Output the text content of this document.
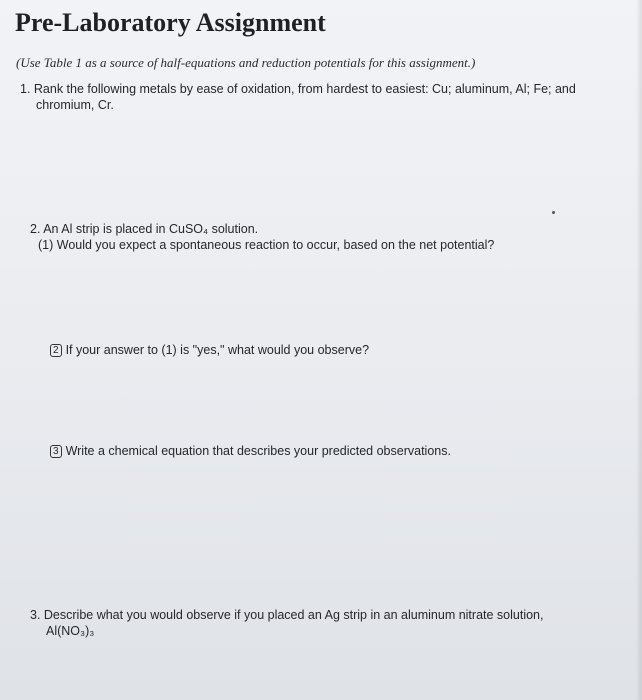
Pre-Laboratory Assignment
(Use Table 1 as a source of half-equations and reduction potentials for this assignment.)
1. Rank the following metals by ease of oxidation, from hardest to easiest: Cu; aluminum, Al; Fe; and
chromium, Cr.
2. An Al strip is placed in CuSO₄ solution.
(1) Would you expect a spontaneous reaction to occur, based on the net potential?
2 If your answer to (1) is "yes," what would you observe?
3 Write a chemical equation that describes your predicted observations.
3. Describe what you would observe if you placed an Ag strip in an aluminum nitrate solution,
Al(NO₃)₃
